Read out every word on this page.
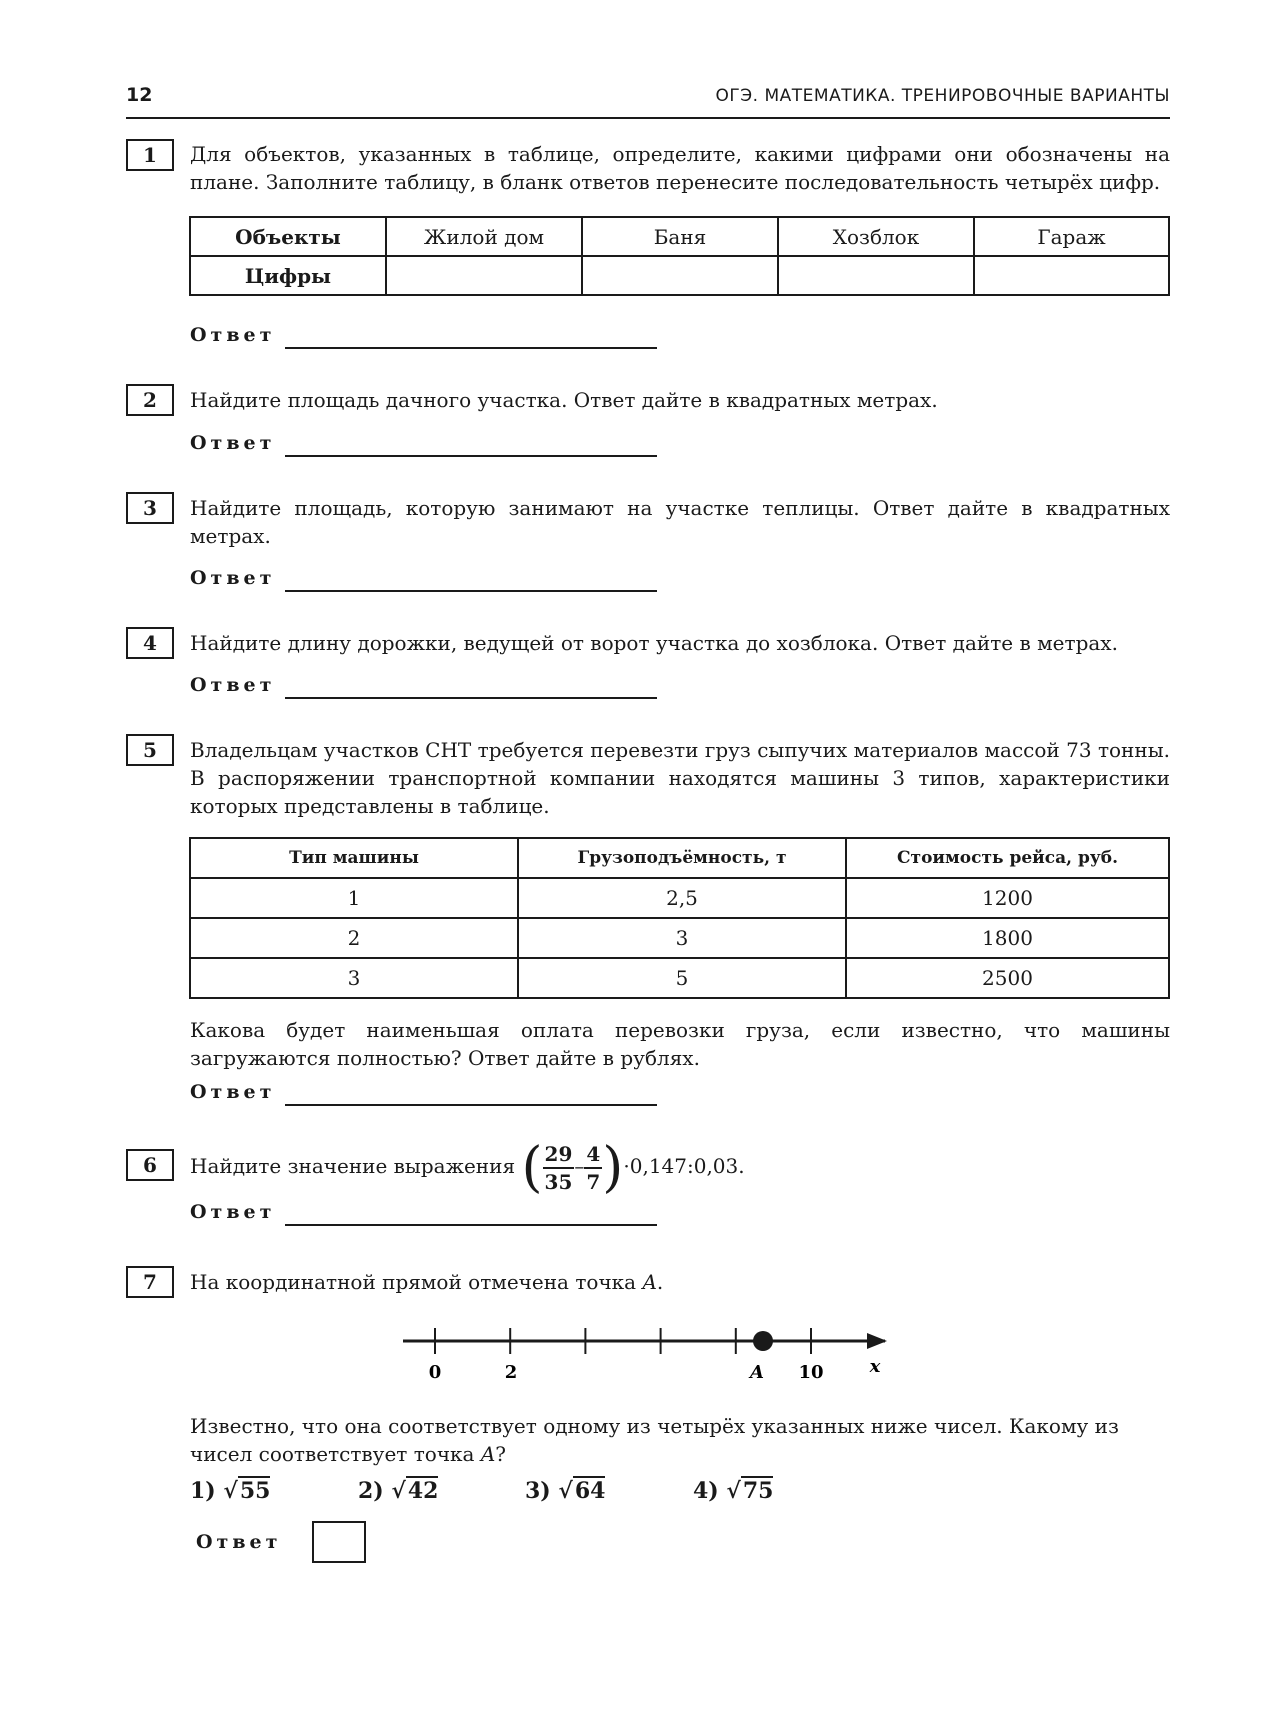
12	ОГЭ. МАТЕМАТИКА. ТРЕНИРОВОЧНЫЕ ВАРИАНТЫ
1	Для объектов, указанных в таблице, определите, какими цифрами они обозначены на плане. Заполните таблицу, в бланк ответов перенесите последовательность четырёх цифр.
Объекты	Жилой дом	Баня	Хозблок	Гараж
Цифры				
Ответ
2	Найдите площадь дачного участка. Ответ дайте в квадратных метрах.
Ответ
3	Найдите площадь, которую занимают на участке теплицы. Ответ дайте в квадратных метрах.
Ответ
4	Найдите длину дорожки, ведущей от ворот участка до хозблока. Ответ дайте в метрах.
Ответ
5	Владельцам участков СНТ требуется перевезти груз сыпучих материалов массой 73 тонны. В распоряжении транспортной компании находятся машины 3 типов, характеристики которых представлены в таблице.
Тип машины	Грузоподъёмность, т	Стоимость рейса, руб.
1	2,5	1200
2	3	1800
3	5	2500
Какова будет наименьшая оплата перевозки груза, если известно, что машины загружаются полностью? Ответ дайте в рублях.
Ответ
6	Найдите значение выражения ( $\frac{29}{35} - \frac{4}{7}$ )·0,147:0,03.
Ответ
7	На координатной прямой отмечена точка A.
0	2	A 10	x
Известно, что она соответствует одному из четырёх указанных ниже чисел. Какому из чисел соответствует точка A?
1) √55	2) √42	3) √64	4) √75
Ответ
